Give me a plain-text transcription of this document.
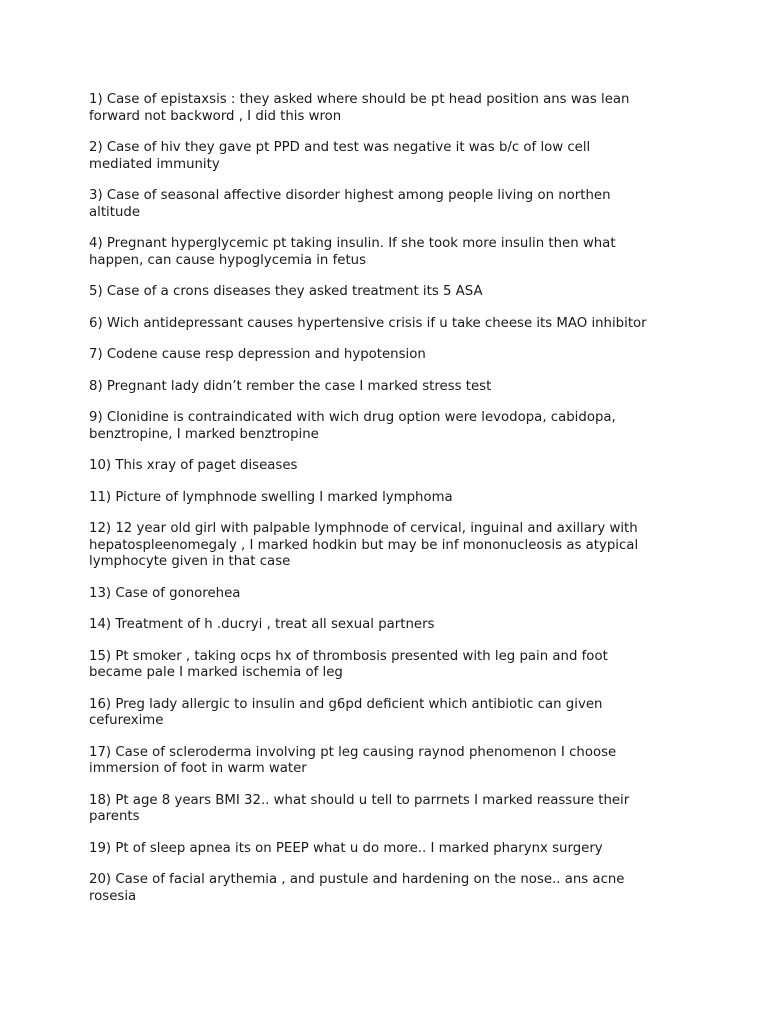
1) Case of epistaxsis : they asked where should be pt head position ans was lean
forward not backword , I did this wron
2) Case of hiv they gave pt PPD and test was negative it was b/c of low cell
mediated immunity
3) Case of seasonal affective disorder highest among people living on northen
altitude
4) Pregnant hyperglycemic pt taking insulin. If she took more insulin then what
happen, can cause hypoglycemia in fetus
5) Case of a crons diseases they asked treatment its 5 ASA
6) Wich antidepressant causes hypertensive crisis if u take cheese its MAO inhibitor
7) Codene cause resp depression and hypotension
8) Pregnant lady didn’t rember the case I marked stress test
9) Clonidine is contraindicated with wich drug option were levodopa, cabidopa,
benztropine, I marked benztropine
10) This xray of paget diseases
11) Picture of lymphnode swelling I marked lymphoma
12) 12 year old girl with palpable lymphnode of cervical, inguinal and axillary with
hepatospleenomegaly , I marked hodkin but may be inf mononucleosis as atypical
lymphocyte given in that case
13) Case of gonorehea
14) Treatment of h .ducryi , treat all sexual partners
15) Pt smoker , taking ocps hx of thrombosis presented with leg pain and foot
became pale I marked ischemia of leg
16) Preg lady allergic to insulin and g6pd deficient which antibiotic can given
cefurexime
17) Case of scleroderma involving pt leg causing raynod phenomenon I choose
immersion of foot in warm water
18) Pt age 8 years BMI 32.. what should u tell to parrnets I marked reassure their
parents
19) Pt of sleep apnea its on PEEP what u do more.. I marked pharynx surgery
20) Case of facial arythemia , and pustule and hardening on the nose.. ans acne
rosesia
